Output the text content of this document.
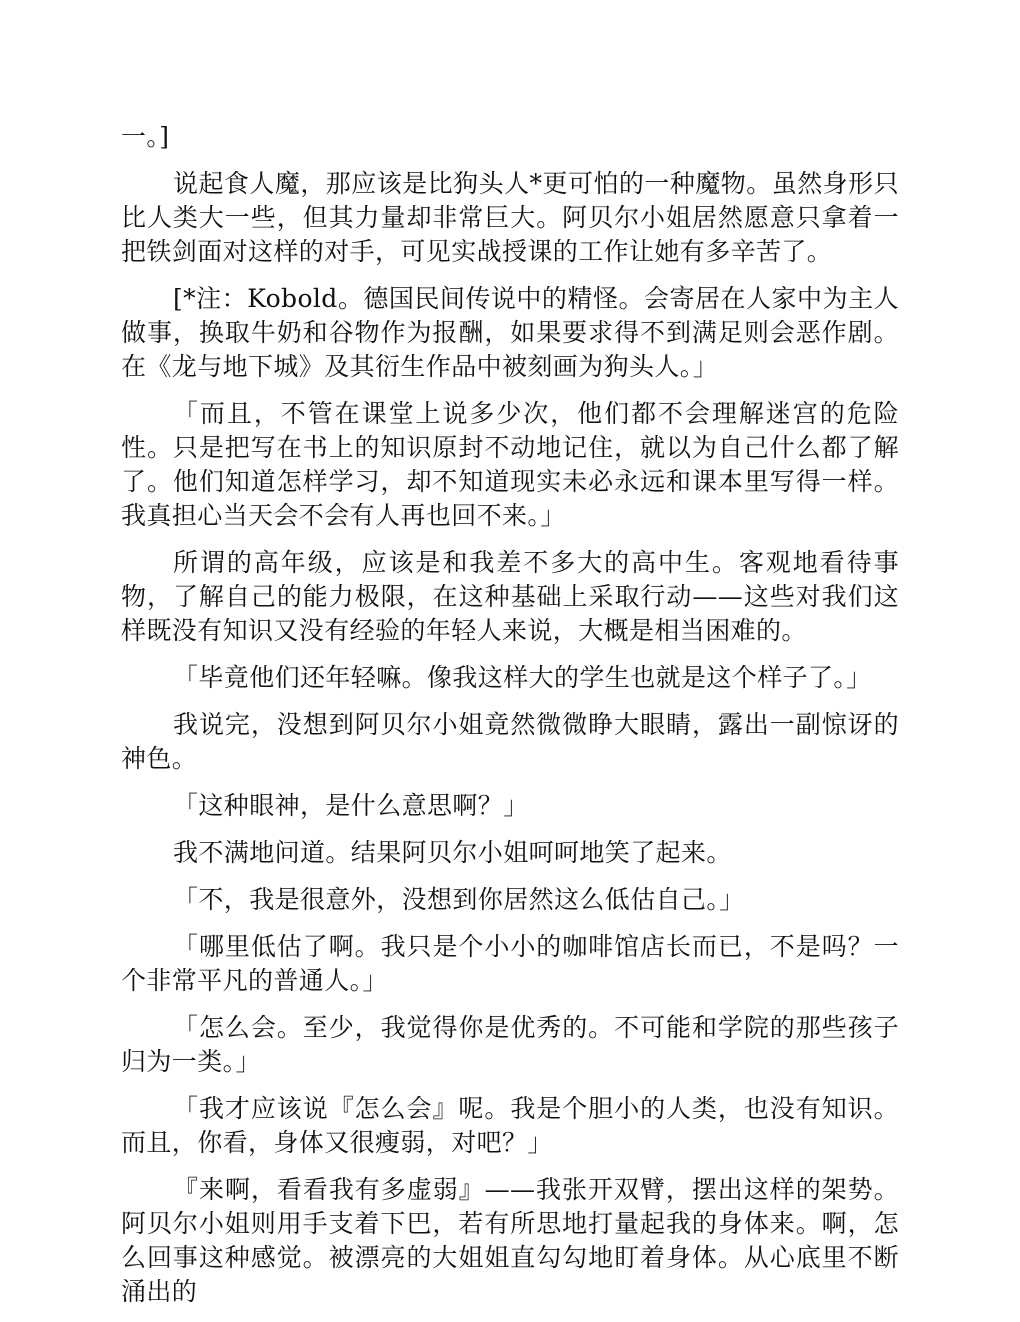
一。]

说起食人魔，那应该是比狗头人*更可怕的一种魔物。虽然身形只比人类大一些，但其力量却非常巨大。阿贝尔小姐居然愿意只拿着一把铁剑面对这样的对手，可见实战授课的工作让她有多辛苦了。

[*注：Kobold。德国民间传说中的精怪。会寄居在人家中为主人做事，换取牛奶和谷物作为报酬，如果要求得不到满足则会恶作剧。在《龙与地下城》及其衍生作品中被刻画为狗头人。」

「而且，不管在课堂上说多少次，他们都不会理解迷宫的危险性。只是把写在书上的知识原封不动地记住，就以为自己什么都了解了。他们知道怎样学习，却不知道现实未必永远和课本里写得一样。我真担心当天会不会有人再也回不来。」

所谓的高年级，应该是和我差不多大的高中生。客观地看待事物，了解自己的能力极限，在这种基础上采取行动——这些对我们这样既没有知识又没有经验的年轻人来说，大概是相当困难的。

「毕竟他们还年轻嘛。像我这样大的学生也就是这个样子了。」

我说完，没想到阿贝尔小姐竟然微微睁大眼睛，露出一副惊讶的神色。

「这种眼神，是什么意思啊？」

我不满地问道。结果阿贝尔小姐呵呵地笑了起来。

「不，我是很意外，没想到你居然这么低估自己。」

「哪里低估了啊。我只是个小小的咖啡馆店长而已，不是吗？一个非常平凡的普通人。」

「怎么会。至少，我觉得你是优秀的。不可能和学院的那些孩子归为一类。」

「我才应该说『怎么会』呢。我是个胆小的人类，也没有知识。而且，你看，身体又很瘦弱，对吧？」

『来啊，看看我有多虚弱』——我张开双臂，摆出这样的架势。阿贝尔小姐则用手支着下巴，若有所思地打量起我的身体来。啊，怎么回事这种感觉。被漂亮的大姐姐直勾勾地盯着身体。从心底里不断涌出的
